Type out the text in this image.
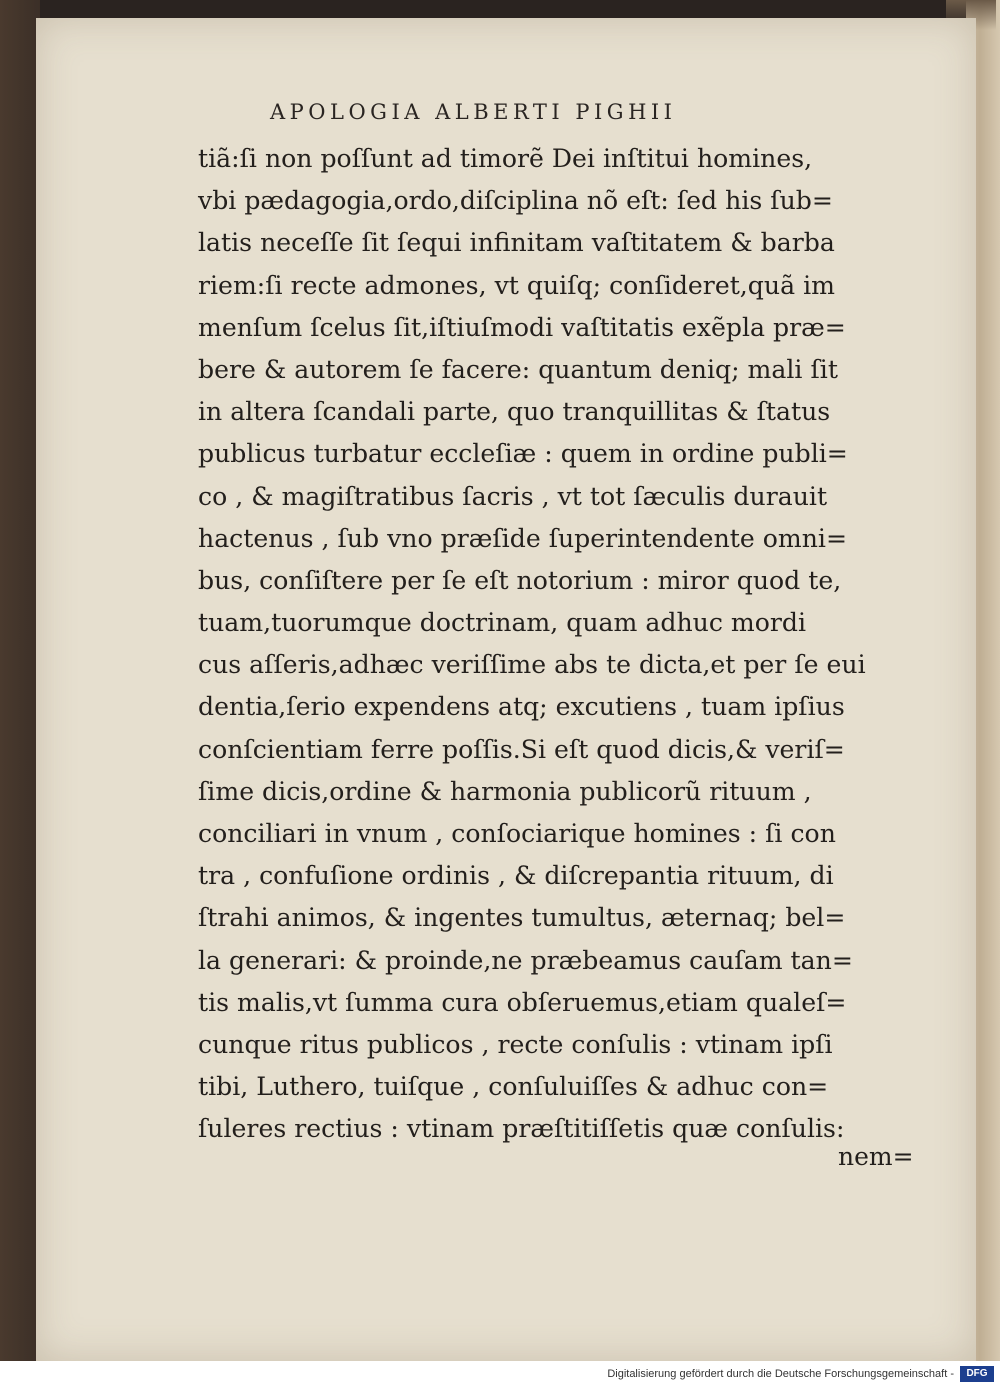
APOLOGIA ALBERTI PIGHII
tiã:ſi non poſſunt ad timorẽ Dei inſtitui homines,
vbi pædagogia,ordo,diſciplina nõ eſt: ſed his ſub=
latis neceſſe ſit ſequi infinitam vaſtitatem & barba
riem:ſi recte admones, vt quiſq; conſideret,quã im
menſum ſcelus ſit,iſtiuſmodi vaſtitatis exẽpla præ=
bere & autorem ſe facere: quantum deniq; mali ſit
in altera ſcandali parte, quo tranquillitas & ſtatus
publicus turbatur eccleſiæ : quem in ordine publi=
co , & magiſtratibus ſacris , vt tot ſæculis durauit
hactenus , ſub vno præſide ſuperintendente omni=
bus, conſiſtere per ſe eſt notorium : miror quod te,
tuam,tuorumque doctrinam, quam adhuc mordi
cus aſſeris,adhæc veriſſime abs te dicta,et per ſe eui
dentia,ſerio expendens atq; excutiens , tuam ipſius
conſcientiam ferre poſſis.Si eſt quod dicis,& veriſ=
ſime dicis,ordine & harmonia publicorũ rituum ,
conciliari in vnum , conſociarique homines : ſi con
tra , confuſione ordinis , & diſcrepantia rituum, di
ſtrahi animos, & ingentes tumultus, æternaq; bel=
la generari: & proinde,ne præbeamus cauſam tan=
tis malis,vt ſumma cura obſeruemus,etiam qualeſ=
cunque ritus publicos , recte conſulis : vtinam ipſi
tibi, Luthero, tuiſque , conſuluiſſes & adhuc con=
ſuleres rectius : vtinam præſtitiſſetis quæ conſulis:
nem=
Digitalisierung gefördert durch die Deutsche Forschungsgemeinschaft -	DFG
